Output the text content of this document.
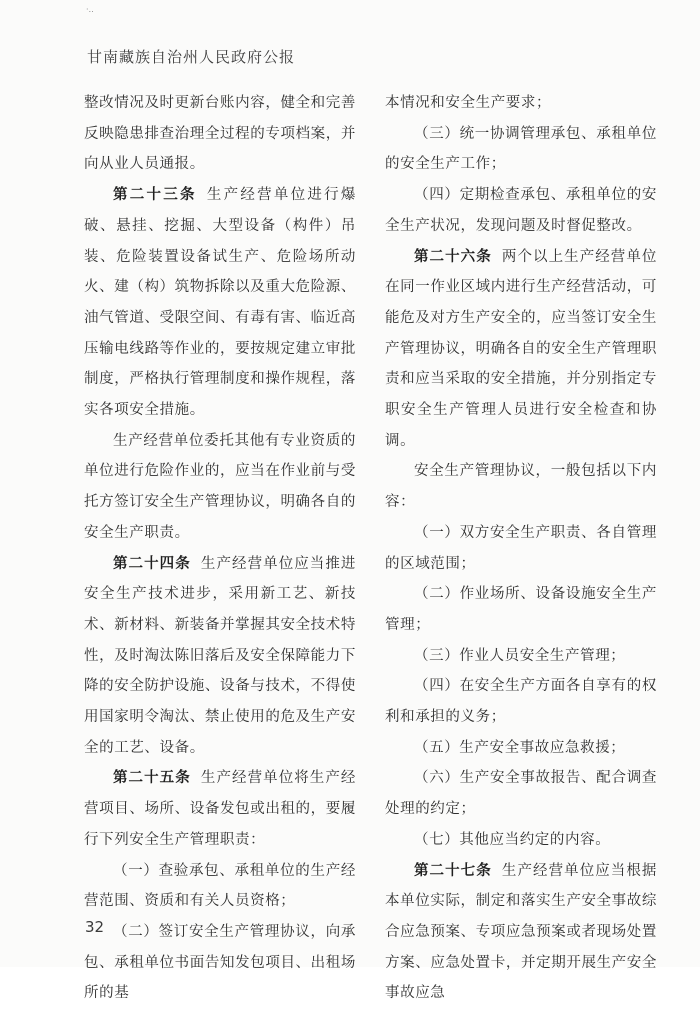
·‥
甘南藏族自治州人民政府公报

整改情况及时更新台账内容，健全和完善反映隐患排查治理全过程的专项档案，并向从业人员通报。

第二十三条 生产经营单位进行爆破、悬挂、挖掘、大型设备（构件）吊装、危险装置设备试生产、危险场所动火、建（构）筑物拆除以及重大危险源、油气管道、受限空间、有毒有害、临近高压输电线路等作业的，要按规定建立审批制度，严格执行管理制度和操作规程，落实各项安全措施。

生产经营单位委托其他有专业资质的单位进行危险作业的，应当在作业前与受托方签订安全生产管理协议，明确各自的安全生产职责。

第二十四条 生产经营单位应当推进安全生产技术进步，采用新工艺、新技术、新材料、新装备并掌握其安全技术特性，及时淘汰陈旧落后及安全保障能力下降的安全防护设施、设备与技术，不得使用国家明令淘汰、禁止使用的危及生产安全的工艺、设备。

第二十五条 生产经营单位将生产经营项目、场所、设备发包或出租的，要履行下列安全生产管理职责：

（一）查验承包、承租单位的生产经营范围、资质和有关人员资格；

（二）签订安全生产管理协议，向承包、承租单位书面告知发包项目、出租场所的基

本情况和安全生产要求；

（三）统一协调管理承包、承租单位的安全生产工作；

（四）定期检查承包、承租单位的安全生产状况，发现问题及时督促整改。

第二十六条 两个以上生产经营单位在同一作业区域内进行生产经营活动，可能危及对方生产安全的，应当签订安全生产管理协议，明确各自的安全生产管理职责和应当采取的安全措施，并分别指定专职安全生产管理人员进行安全检查和协调。

安全生产管理协议，一般包括以下内容：

（一）双方安全生产职责、各自管理的区域范围；

（二）作业场所、设备设施安全生产管理；

（三）作业人员安全生产管理；

（四）在安全生产方面各自享有的权利和承担的义务；

（五）生产安全事故应急救援；

（六）生产安全事故报告、配合调查处理的约定；

（七）其他应当约定的内容。

第二十七条 生产经营单位应当根据本单位实际，制定和落实生产安全事故综合应急预案、专项应急预案或者现场处置方案、应急处置卡，并定期开展生产安全事故应急

32
